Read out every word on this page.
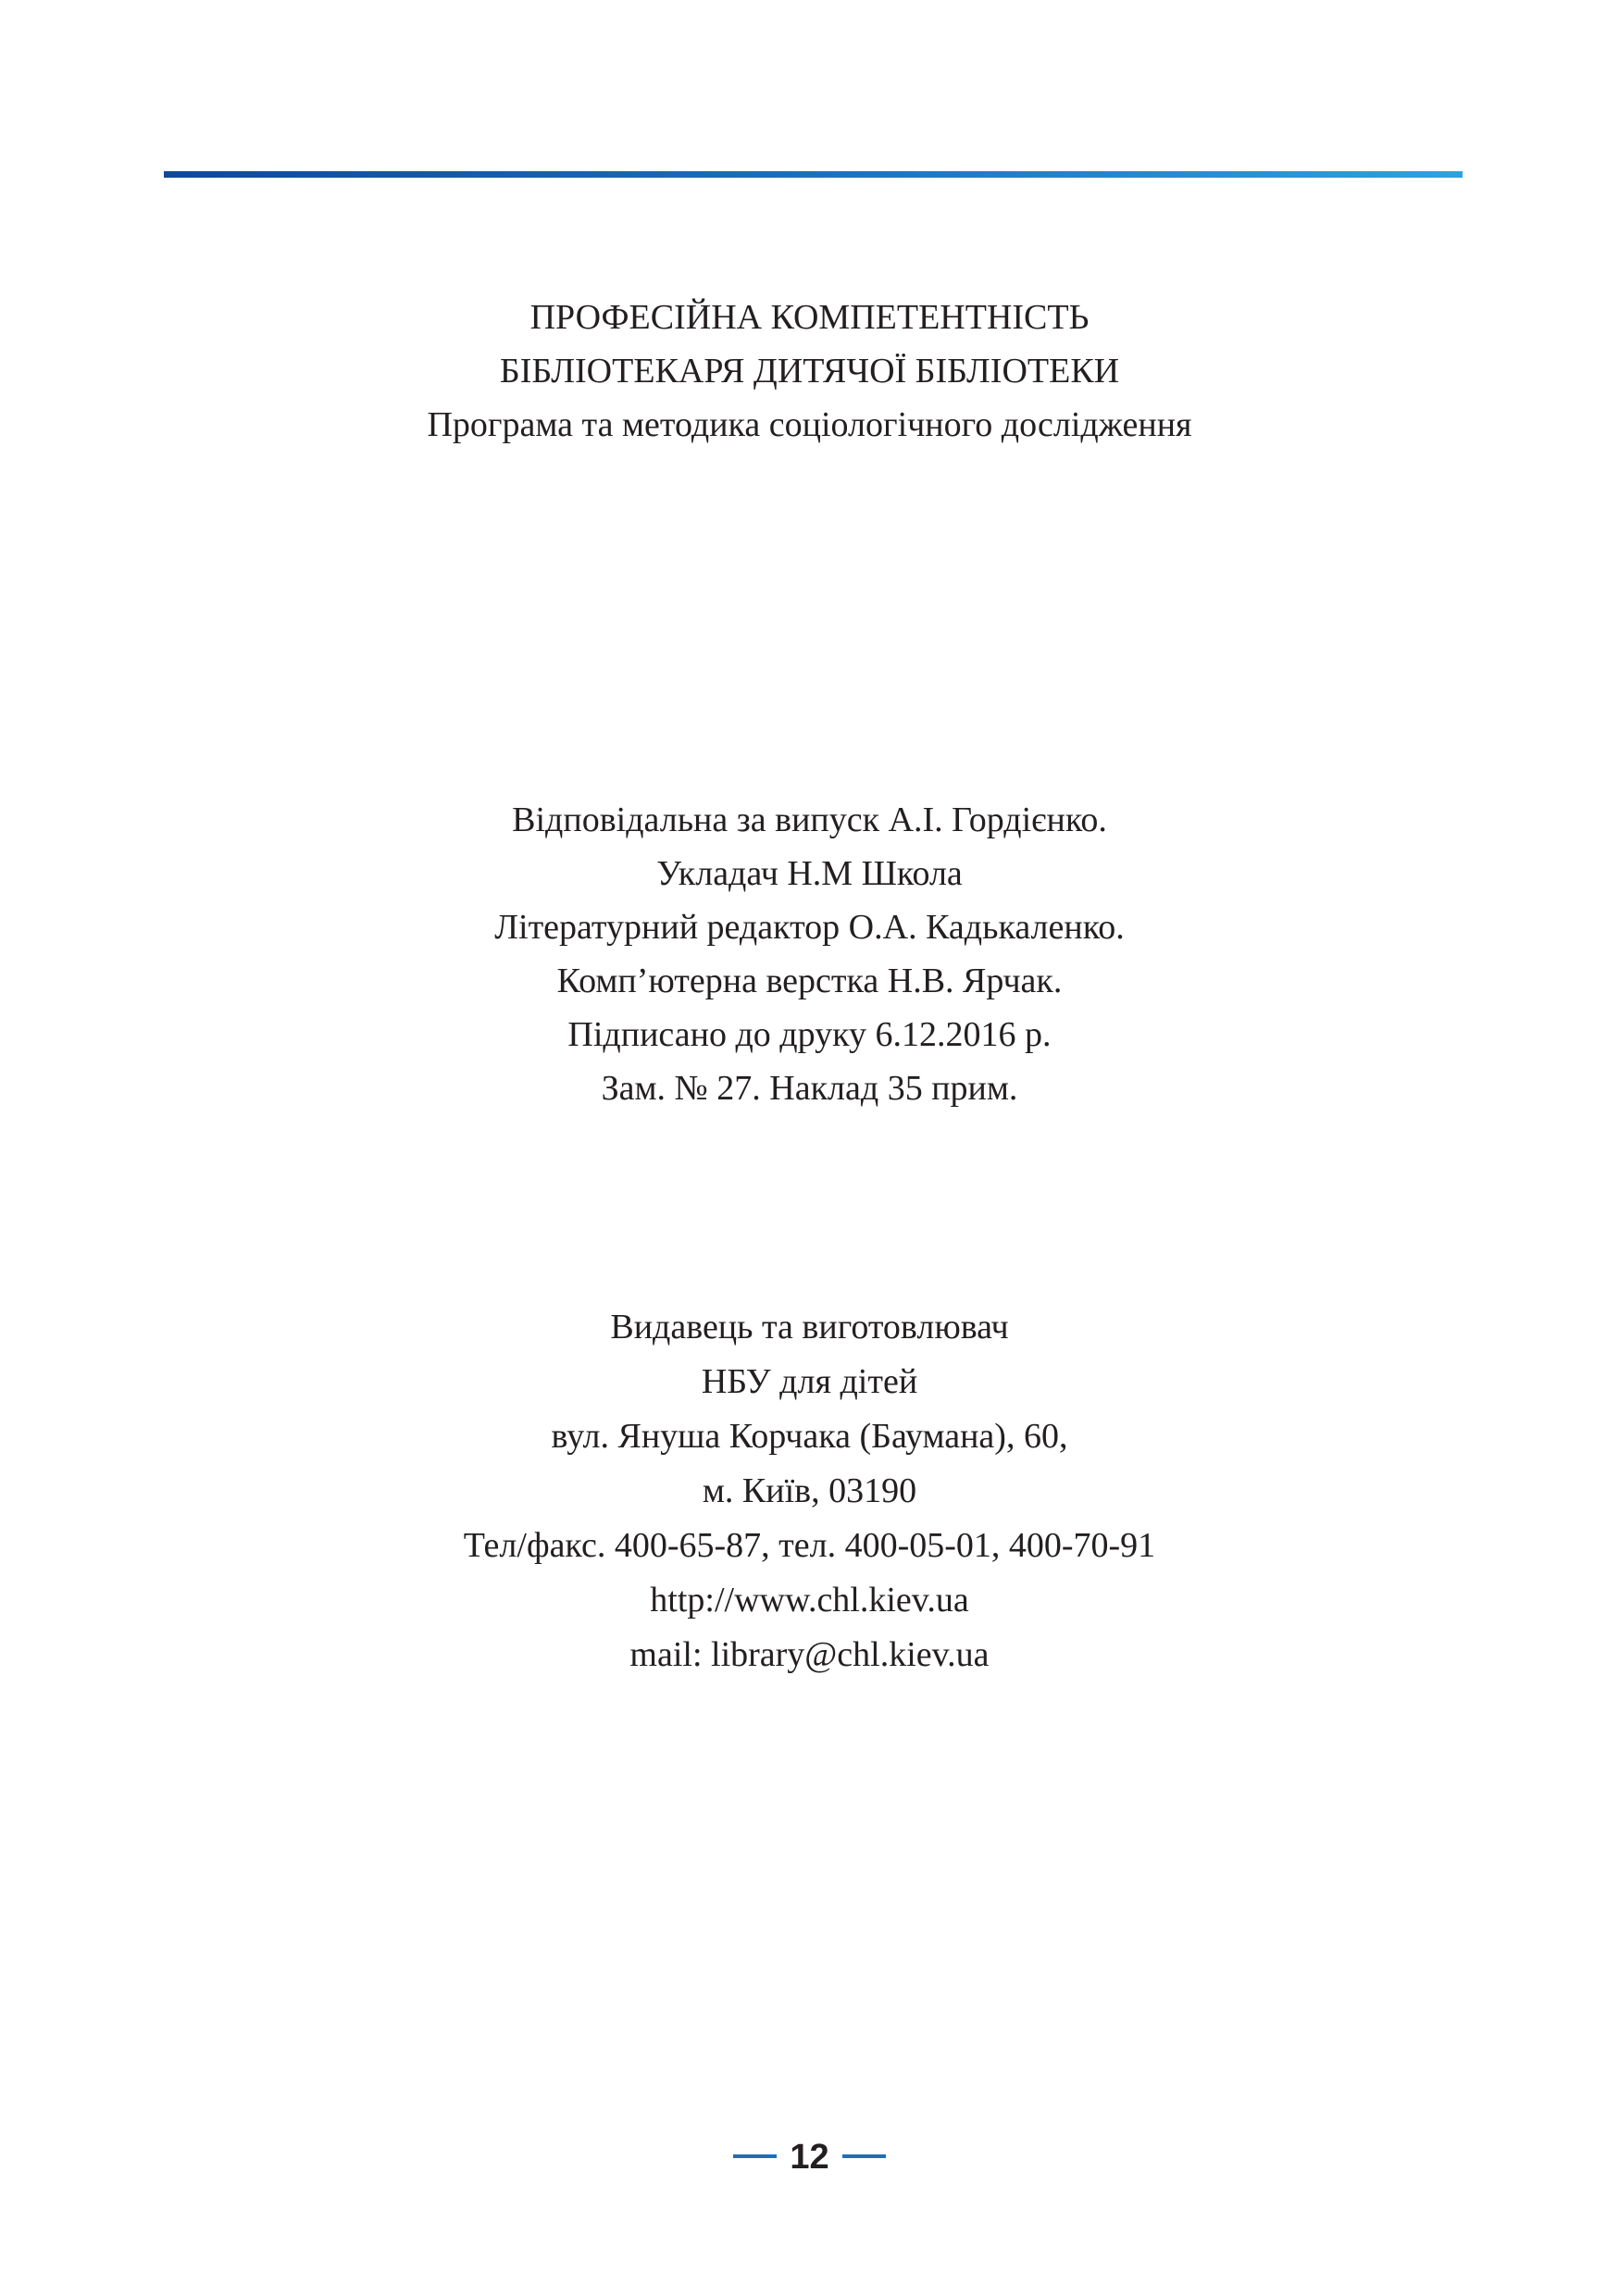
ПРОФЕСІЙНА КОМПЕТЕНТНІСТЬ
БІБЛІОТЕКАРЯ ДИТЯЧОЇ БІБЛІОТЕКИ
Програма та методика соціологічного дослідження
Відповідальна за випуск А.І. Гордієнко.
Укладач Н.М Школа
Літературний редактор О.А. Кадькаленко.
Комп’ютерна верстка Н.В. Ярчак.
Підписано до друку 6.12.2016 р.
Зам. № 27. Наклад 35 прим.
Видавець та виготовлювач
НБУ для дітей
вул. Януша Корчака (Баумана), 60,
м. Київ, 03190
Тел/факс. 400-65-87, тел. 400-05-01, 400-70-91
http://www.chl.kiev.ua
mail: library@chl.kiev.ua
12
